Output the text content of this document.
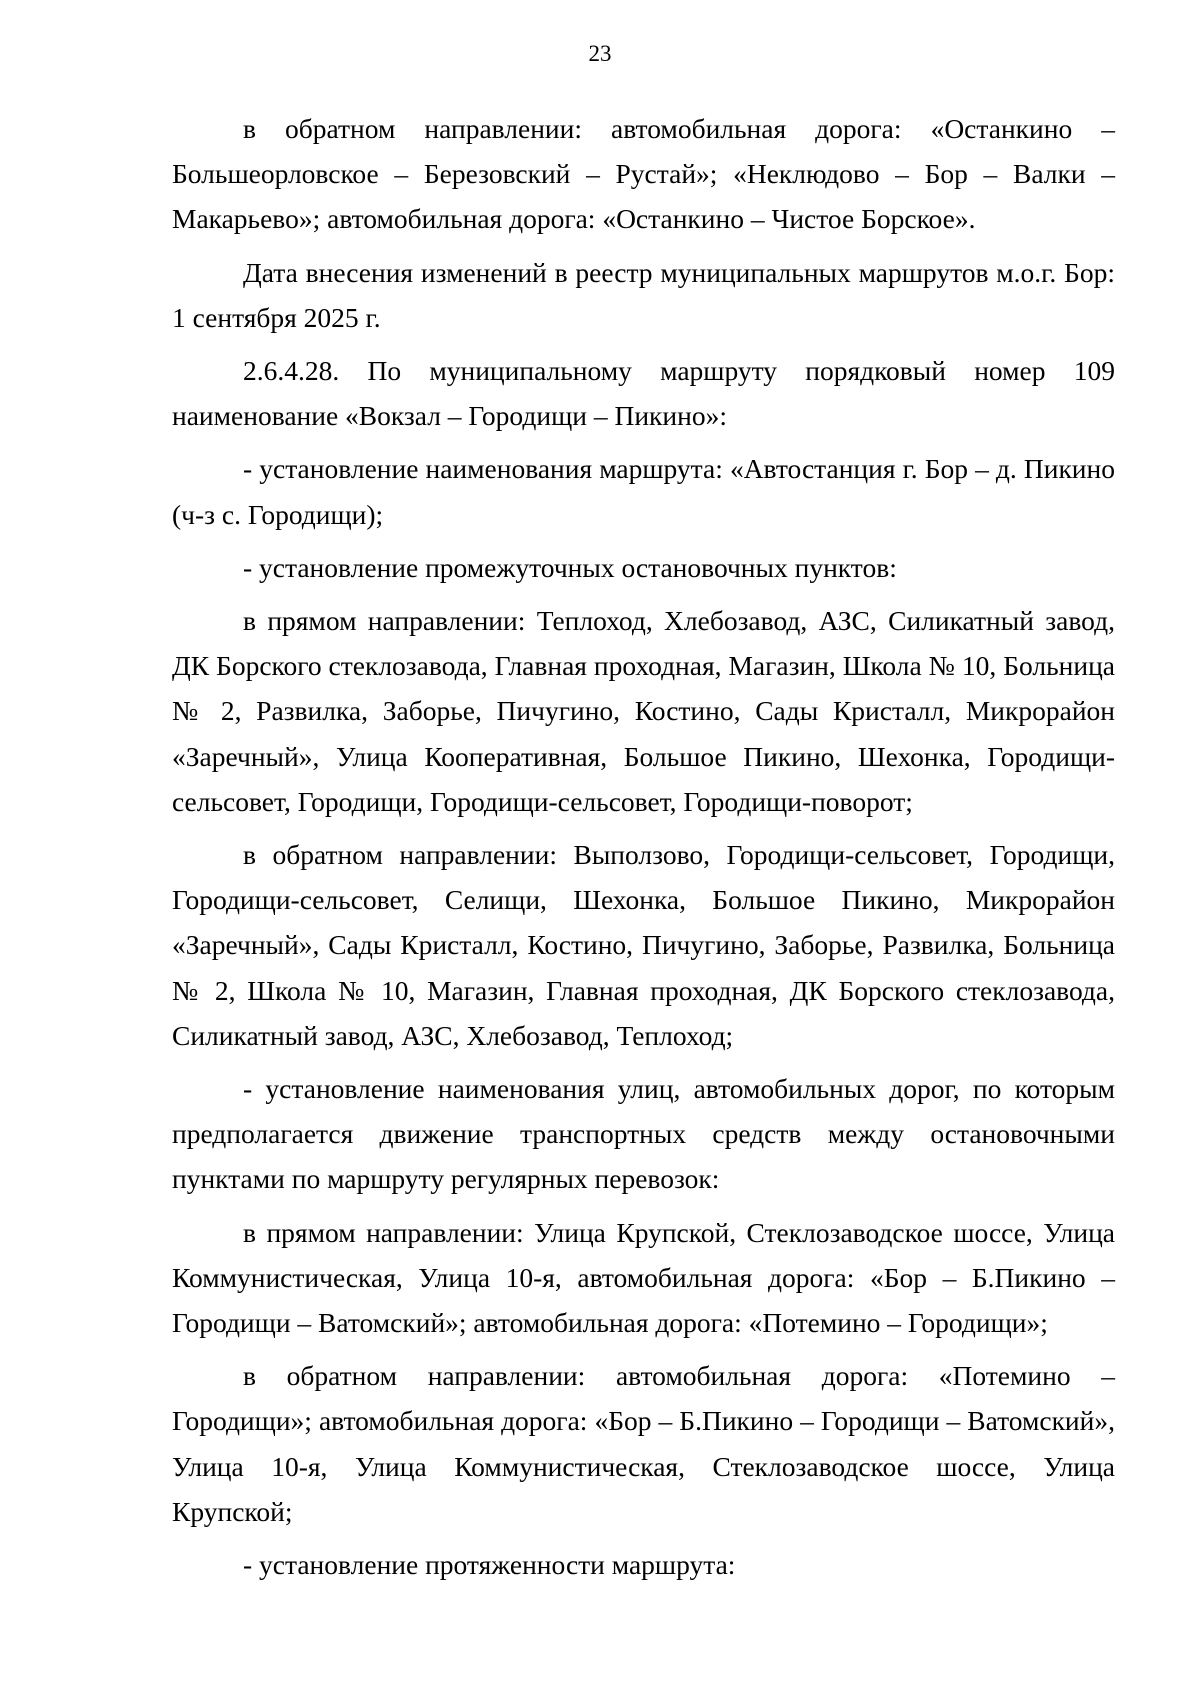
23

в обратном направлении: автомобильная дорога: «Останкино –Большеорловское – Березовский – Рустай»; «Неклюдово – Бор – Валки – Макарьево»; автомобильная дорога: «Останкино – Чистое Борское».

Дата внесения изменений в реестр муниципальных маршрутов м.о.г. Бор: 1 сентября 2025 г.

2.6.4.28. По муниципальному маршруту порядковый номер 109 наименование «Вокзал – Городищи – Пикино»:

- установление наименования маршрута: «Автостанция г. Бор – д. Пикино (ч-з с. Городищи);

- установление промежуточных остановочных пунктов:

в прямом направлении: Теплоход, Хлебозавод, АЗС, Силикатный завод, ДК Борского стеклозавода, Главная проходная, Магазин, Школа № 10, Больница № 2, Развилка, Заборье, Пичугино, Костино, Сады Кристалл, Микрорайон «Заречный», Улица Кооперативная, Большое Пикино, Шехонка, Городищи-сельсовет, Городищи, Городищи-сельсовет, Городищи-поворот;

в обратном направлении: Выползово, Городищи-сельсовет, Городищи, Городищи-сельсовет, Селищи, Шехонка, Большое Пикино, Микрорайон «Заречный», Сады Кристалл, Костино, Пичугино, Заборье, Развилка, Больница № 2, Школа № 10, Магазин, Главная проходная, ДК Борского стеклозавода, Силикатный завод, АЗС, Хлебозавод, Теплоход;

- установление наименования улиц, автомобильных дорог, по которым предполагается движение транспортных средств между остановочными пунктами по маршруту регулярных перевозок:

в прямом направлении: Улица Крупской, Стеклозаводское шоссе, Улица Коммунистическая, Улица 10-я, автомобильная дорога: «Бор – Б.Пикино – Городищи – Ватомский»; автомобильная дорога: «Потемино – Городищи»;

в обратном направлении: автомобильная дорога: «Потемино – Городищи»; автомобильная дорога: «Бор – Б.Пикино – Городищи – Ватомский», Улица 10-я, Улица Коммунистическая, Стеклозаводское шоссе, Улица Крупской;

- установление протяженности маршрута:
